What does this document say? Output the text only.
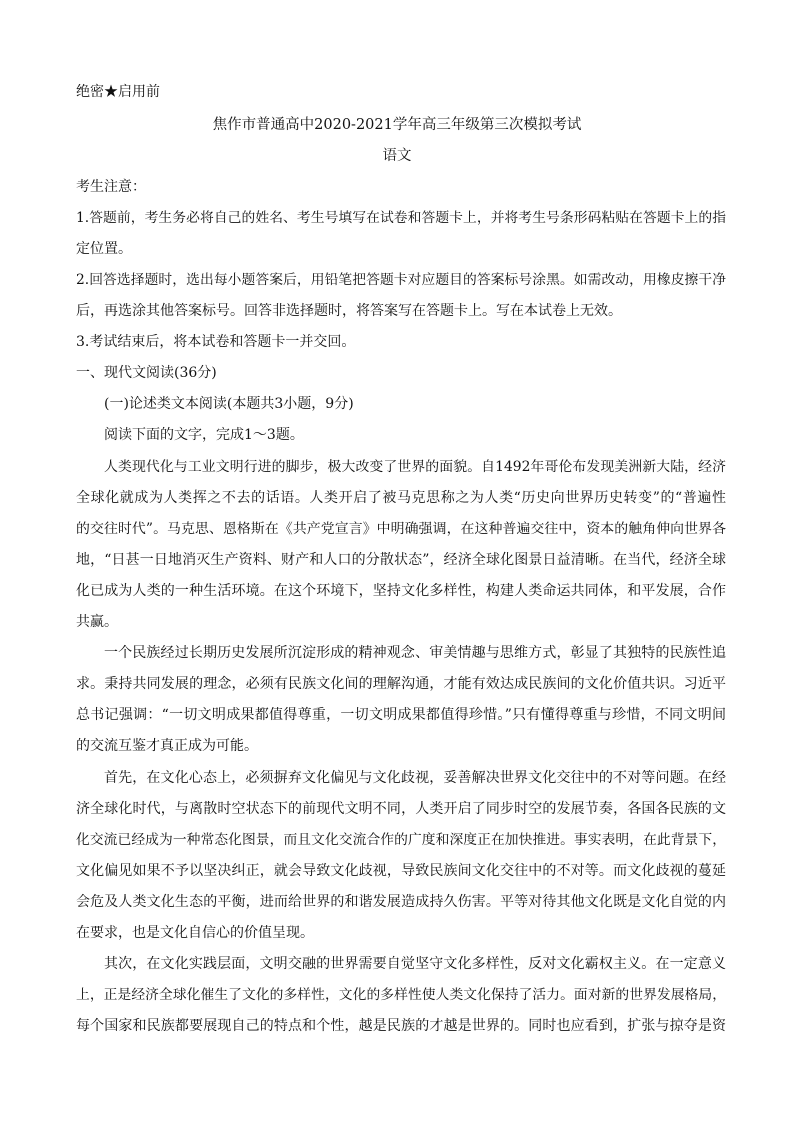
绝密★启用前
焦作市普通高中2020-2021学年高三年级第三次模拟考试
语文
考生注意：
1.答题前，考生务必将自己的姓名、考生号填写在试卷和答题卡上，并将考生号条形码粘贴在答题卡上的指
定位置。
2.回答选择题时，选出每小题答案后，用铅笔把答题卡对应题目的答案标号涂黑。如需改动，用橡皮擦干净
后，再选涂其他答案标号。回答非选择题时，将答案写在答题卡上。写在本试卷上无效。
3.考试结束后，将本试卷和答题卡一并交回。
一、现代文阅读(36分)
(一)论述类文本阅读(本题共3小题，9分)
阅读下面的文字，完成1～3题。
人类现代化与工业文明行进的脚步，极大改变了世界的面貌。自1492年哥伦布发现美洲新大陆，经济
全球化就成为人类挥之不去的话语。人类开启了被马克思称之为人类“历史向世界历史转变”的“普遍性
的交往时代”。马克思、恩格斯在《共产党宣言》中明确强调，在这种普遍交往中，资本的触角伸向世界各
地，“日甚一日地消灭生产资料、财产和人口的分散状态”，经济全球化图景日益清晰。在当代，经济全球
化已成为人类的一种生活环境。在这个环境下，坚持文化多样性，构建人类命运共同体，和平发展，合作
共赢。
一个民族经过长期历史发展所沉淀形成的精神观念、审美情趣与思维方式，彰显了其独特的民族性追
求。秉持共同发展的理念，必须有民族文化间的理解沟通，才能有效达成民族间的文化价值共识。习近平
总书记强调：“一切文明成果都值得尊重，一切文明成果都值得珍惜。”只有懂得尊重与珍惜，不同文明间
的交流互鉴才真正成为可能。
首先，在文化心态上，必须摒弃文化偏见与文化歧视，妥善解决世界文化交往中的不对等问题。在经
济全球化时代，与离散时空状态下的前现代文明不同，人类开启了同步时空的发展节奏，各国各民族的文
化交流已经成为一种常态化图景，而且文化交流合作的广度和深度正在加快推进。事实表明，在此背景下，
文化偏见如果不予以坚决纠正，就会导致文化歧视，导致民族间文化交往中的不对等。而文化歧视的蔓延
会危及人类文化生态的平衡，进而给世界的和谐发展造成持久伤害。平等对待其他文化既是文化自觉的内
在要求，也是文化自信心的价值呈现。
其次，在文化实践层面，文明交融的世界需要自觉坚守文化多样性，反对文化霸权主义。在一定意义
上，正是经济全球化催生了文化的多样性，文化的多样性使人类文化保持了活力。面对新的世界发展格局，
每个国家和民族都要展现自己的特点和个性，越是民族的才越是世界的。同时也应看到，扩张与掠夺是资
